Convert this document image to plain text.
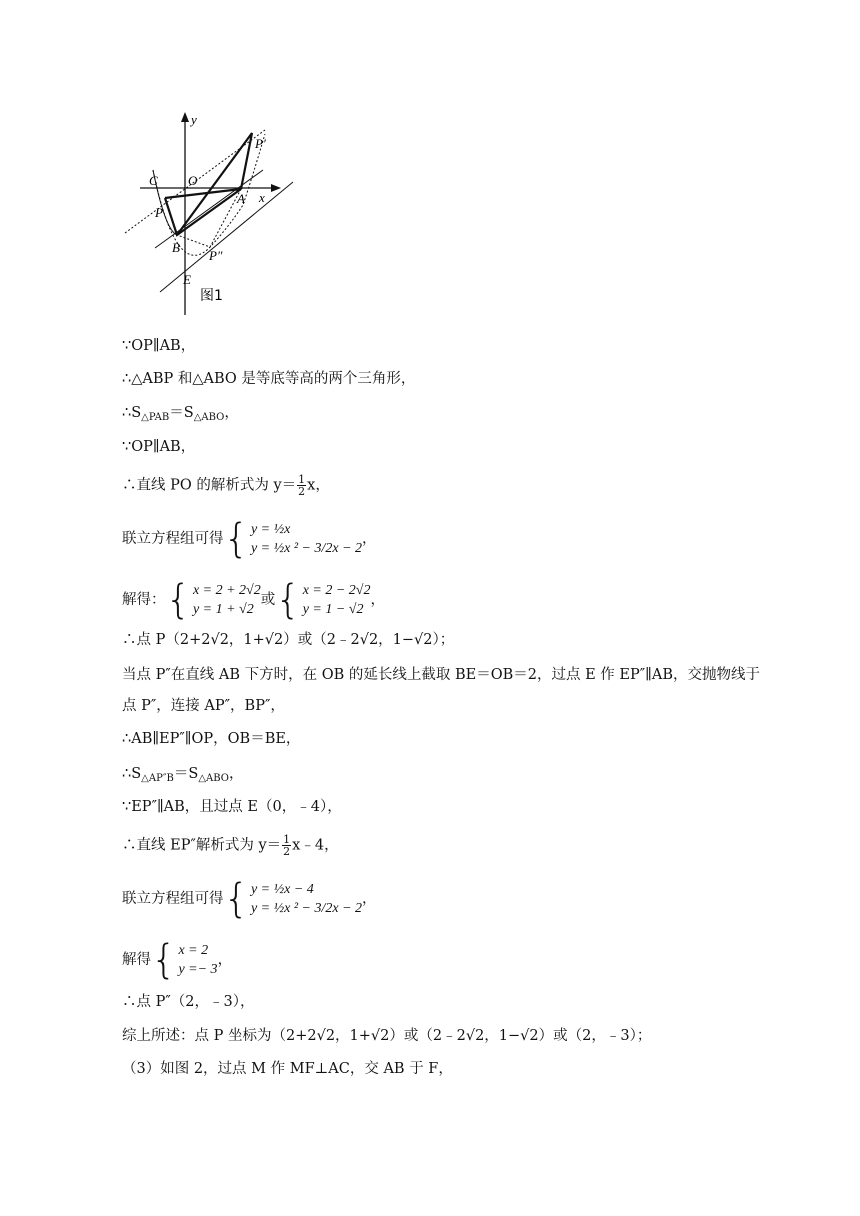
y
x
C O
P′
P
A
B
P″
E
图1
∵OP∥AB，
∴△ABP 和△ABO 是等底等高的两个三角形，
$\therefore S_{\triangle PAB}=S_{\triangle ABO}$，
∵OP∥AB，
∴直线 PO 的解析式为 $y= \frac{1}{2}$ x，
联立方程组可得 { y = ½x
y = ½x ² − 3/2x − 2
，
解得： { x = 2 + 2√2
y = 1 + √2
或 { x = 2 − 2√2
y = 1 − √2
，
∴点 P（2+2√2，1+√2）或（2﹣2√2，1−√2）；
当点 P″在直线 AB 下方时，在 OB 的延长线上截取 BE＝OB＝2，过点 E 作 EP″∥AB，交抛物线于
点 P″，连接 AP″，BP″，
∴AB∥EP″∥OP，OB＝BE，
$\therefore S_{\triangle AP''B}=S_{\triangle ABO}$，
∵EP″∥AB，且过点 E（0，﹣4），
∴直线 EP″解析式为 $y= \frac{1}{2}$ x﹣4，
联立方程组可得 { y = ½x − 4
y = ½x ² − 3/2x − 2
，
解得 { x = 2
y =− 3
，
∴点 P″（2，﹣3），
综上所述：点 P 坐标为（2+2√2，1+√2）或（2﹣2√2，1−√2）或（2，﹣3）；
（3）如图 2，过点 M 作 MF⊥AC，交 AB 于 F，
